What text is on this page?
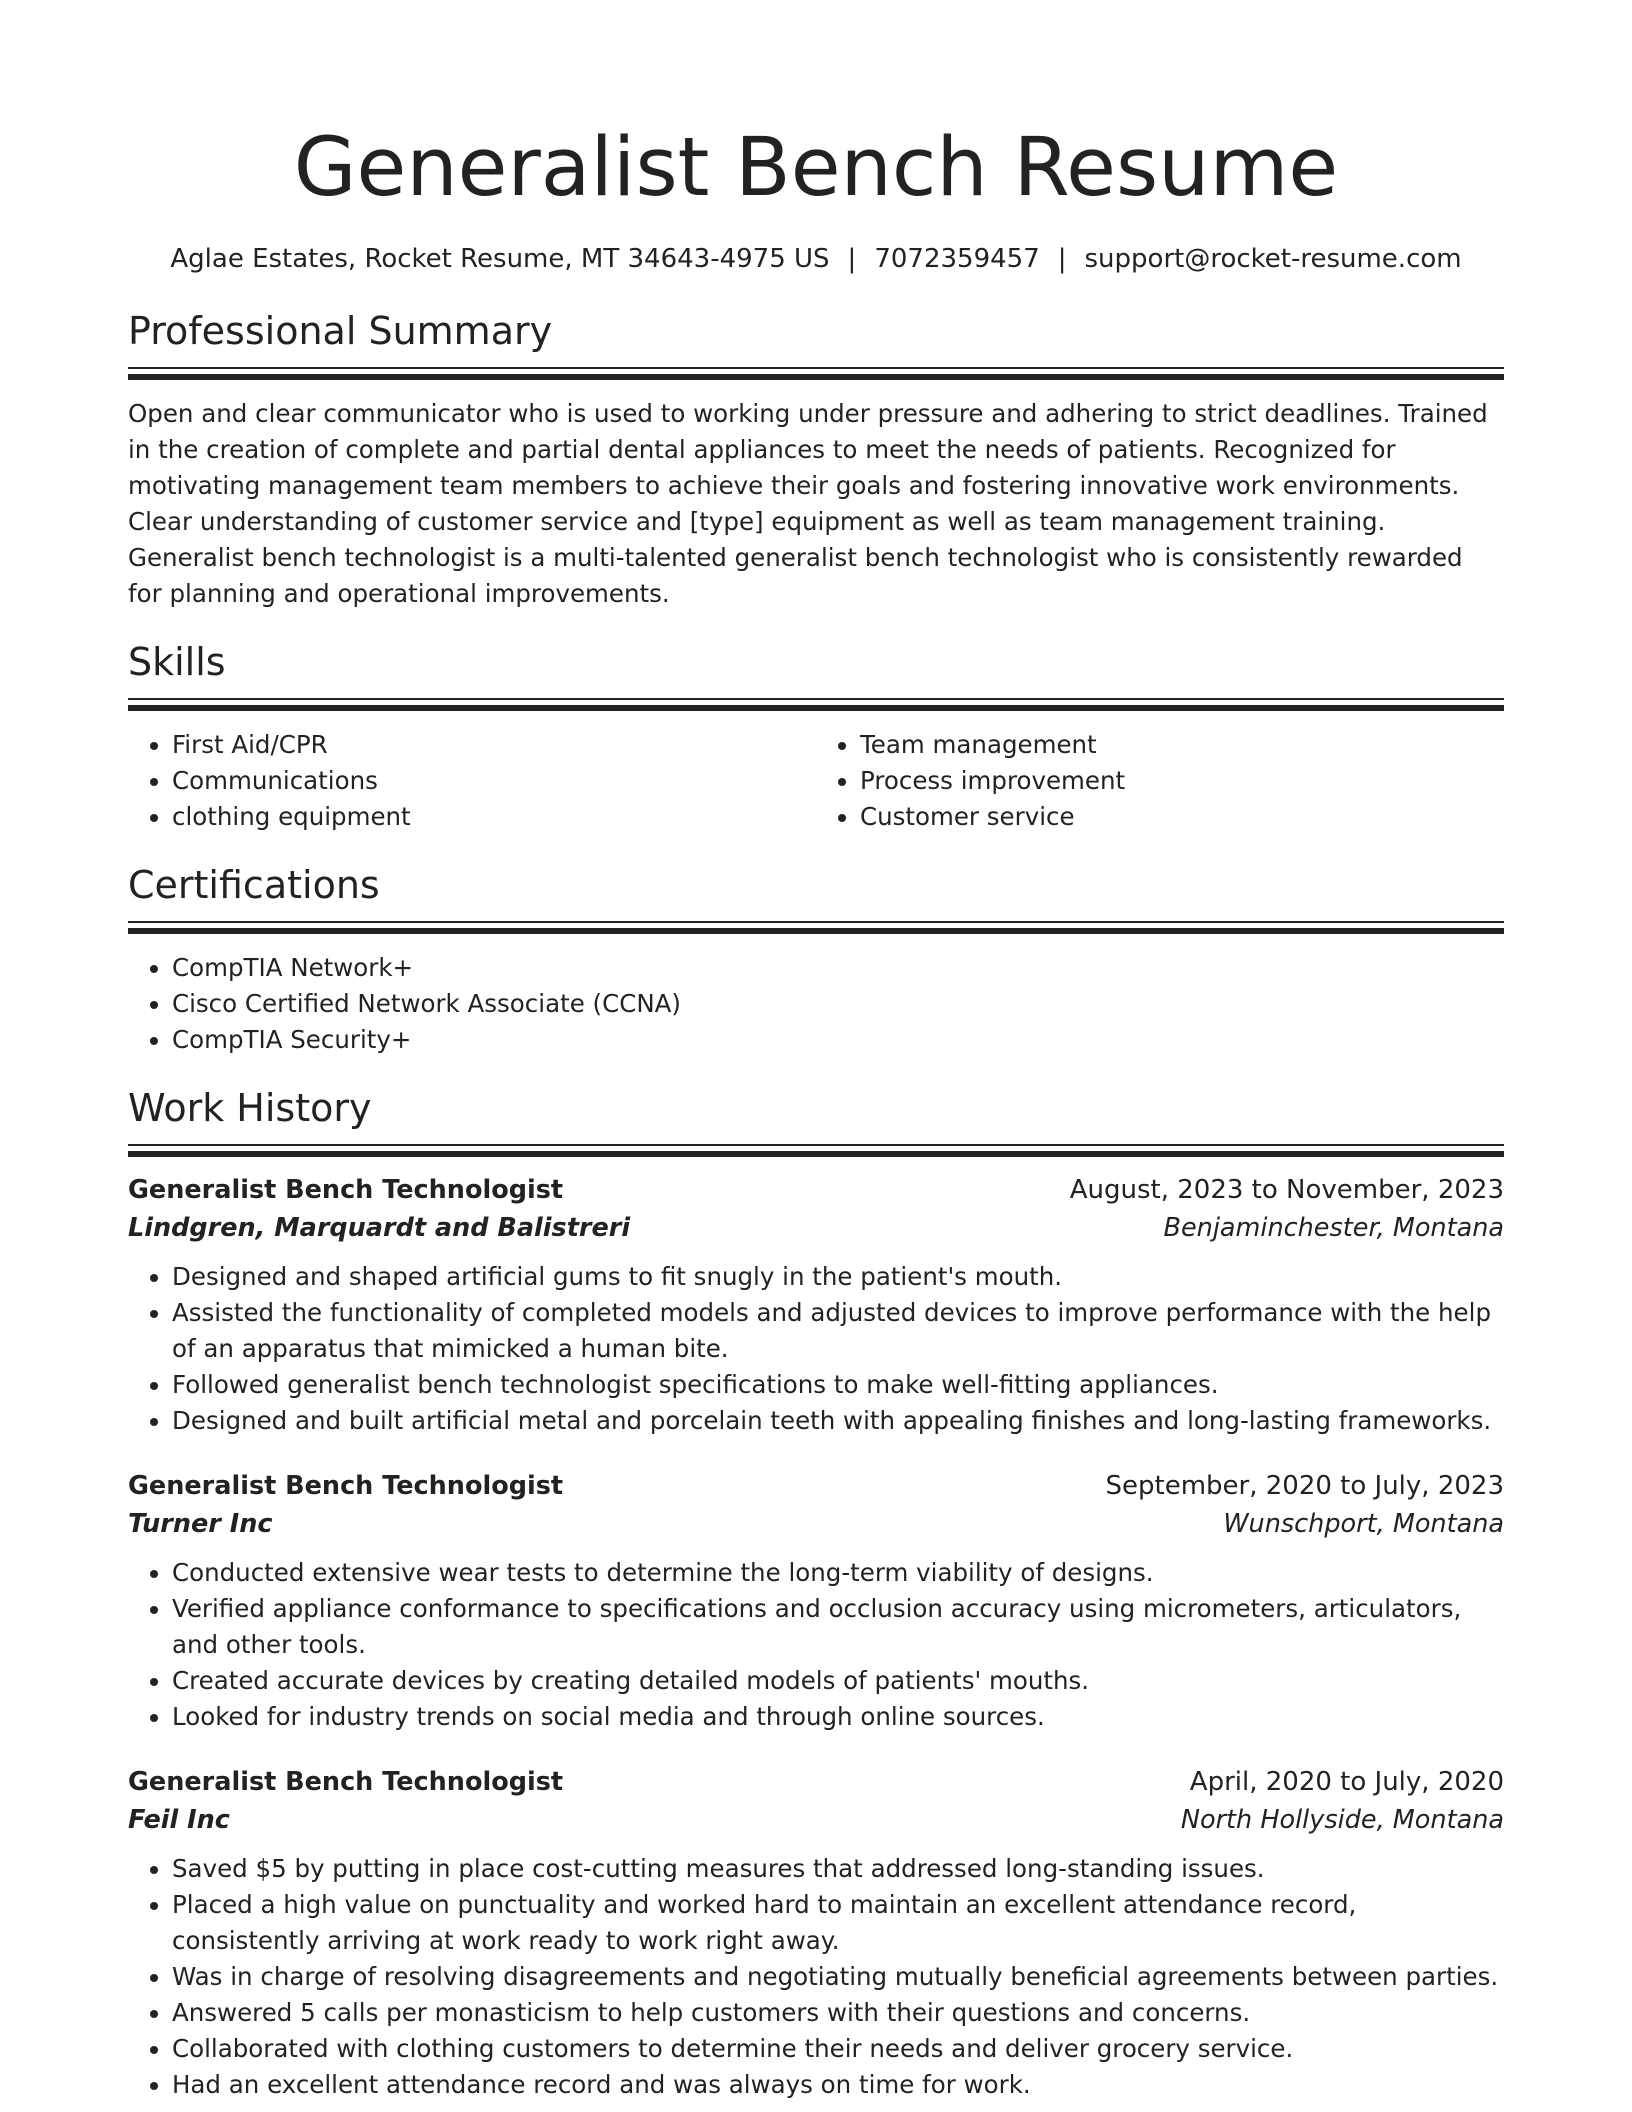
Generalist Bench Resume
Aglae Estates, Rocket Resume, MT 34643-4975 US | 7072359457 | support@rocket-resume.com
Professional Summary
Open and clear communicator who is used to working under pressure and adhering to strict deadlines. Trained in the creation of complete and partial dental appliances to meet the needs of patients. Recognized for motivating management team members to achieve their goals and fostering innovative work environments. Clear understanding of customer service and [type] equipment as well as team management training. Generalist bench technologist is a multi-talented generalist bench technologist who is consistently rewarded for planning and operational improvements.
Skills
• First Aid/CPR
• Communications
• clothing equipment
• Team management
• Process improvement
• Customer service
Certifications
• CompTIA Network+
• Cisco Certified Network Associate (CCNA)
• CompTIA Security+
Work History
Generalist Bench Technologist	August, 2023 to November, 2023
Lindgren, Marquardt and Balistreri	Benjaminchester, Montana
• Designed and shaped artificial gums to fit snugly in the patient's mouth.
• Assisted the functionality of completed models and adjusted devices to improve performance with the help of an apparatus that mimicked a human bite.
• Followed generalist bench technologist specifications to make well-fitting appliances.
• Designed and built artificial metal and porcelain teeth with appealing finishes and long-lasting frameworks.
Generalist Bench Technologist	September, 2020 to July, 2023
Turner Inc	Wunschport, Montana
• Conducted extensive wear tests to determine the long-term viability of designs.
• Verified appliance conformance to specifications and occlusion accuracy using micrometers, articulators, and other tools.
• Created accurate devices by creating detailed models of patients' mouths.
• Looked for industry trends on social media and through online sources.
Generalist Bench Technologist	April, 2020 to July, 2020
Feil Inc	North Hollyside, Montana
• Saved $5 by putting in place cost-cutting measures that addressed long-standing issues.
• Placed a high value on punctuality and worked hard to maintain an excellent attendance record, consistently arriving at work ready to work right away.
• Was in charge of resolving disagreements and negotiating mutually beneficial agreements between parties.
• Answered 5 calls per monasticism to help customers with their questions and concerns.
• Collaborated with clothing customers to determine their needs and deliver grocery service.
• Had an excellent attendance record and was always on time for work.
